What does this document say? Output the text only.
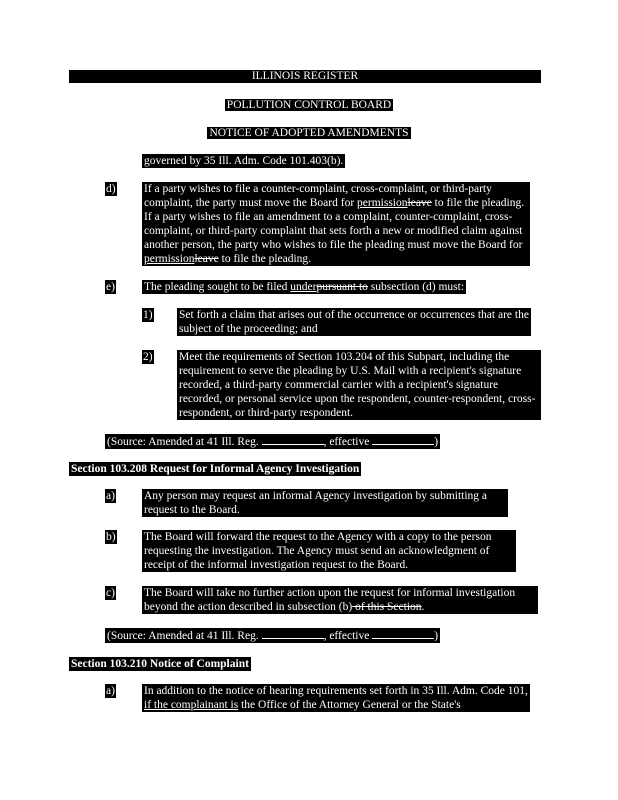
ILLINOIS REGISTER
POLLUTION CONTROL BOARD
NOTICE OF ADOPTED AMENDMENTS
governed by 35 Ill. Adm. Code 101.403(b).
d) If a party wishes to file a counter-complaint, cross-complaint, or third-party complaint, the party must move the Board for permissionleave to file the pleading. If a party wishes to file an amendment to a complaint, counter-complaint, cross-complaint, or third-party complaint that sets forth a new or modified claim against another person, the party who wishes to file the pleading must move the Board for permissionleave to file the pleading.
e)	The pleading sought to be filed underpursuant to subsection (d) must:
1) Set forth a claim that arises out of the occurrence or occurrences that are the subject of the proceeding; and
2) Meet the requirements of Section 103.204 of this Subpart, including the requirement to serve the pleading by U.S. Mail with a recipient's signature recorded, a third-party commercial carrier with a recipient's signature recorded, or personal service upon the respondent, counter-respondent, cross-respondent, or third-party respondent.
(Source: Amended at 41 Ill. Reg.	, effective	)
Section 103.208 Request for Informal Agency Investigation
a)	Any person may request an informal Agency investigation by submitting a request to the Board.
b) The Board will forward the request to the Agency with a copy to the person requesting the investigation. The Agency must send an acknowledgment of receipt of the informal investigation request to the Board.
c)	The Board will take no further action upon the request for informal investigation beyond the action described in subsection (b) of this Section.
(Source: Amended at 41 Ill. Reg.	, effective	)
Section 103.210 Notice of Complaint
a)	In addition to the notice of hearing requirements set forth in 35 Ill. Adm. Code 101, if the complainant is the Office of the Attorney General or the State's
